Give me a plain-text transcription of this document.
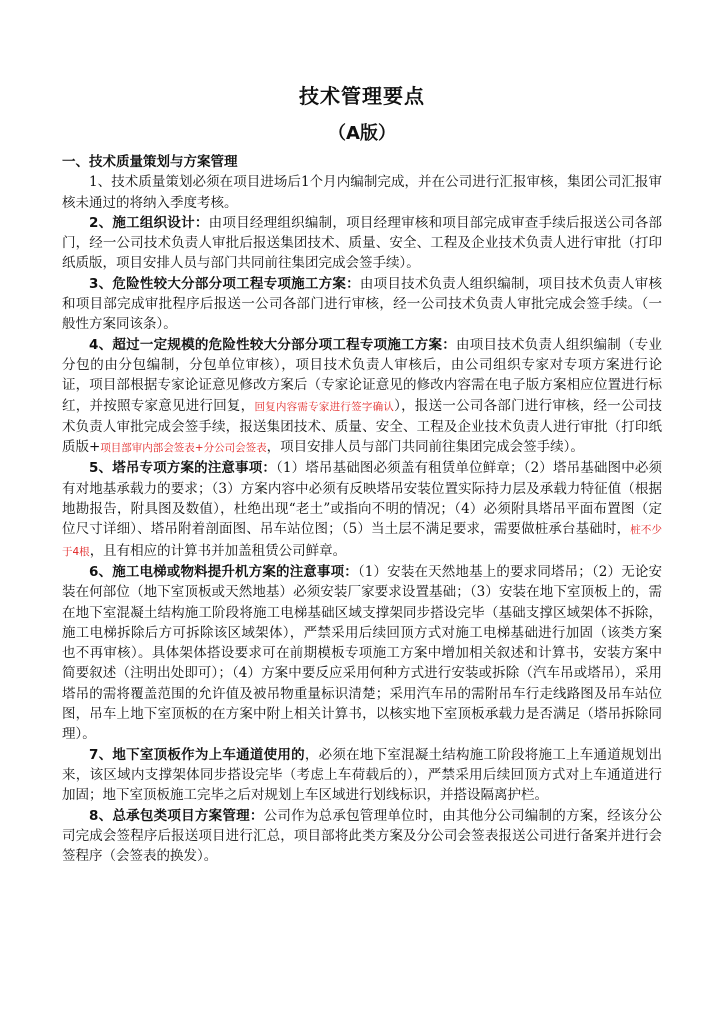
技术管理要点
（A版）

一、技术质量策划与方案管理

1、技术质量策划必须在项目进场后1个月内编制完成，并在公司进行汇报审核，集团公司汇报审核未通过的将纳入季度考核。

2、施工组织设计：由项目经理组织编制，项目经理审核和项目部完成审查手续后报送公司各部门，经一公司技术负责人审批后报送集团技术、质量、安全、工程及企业技术负责人进行审批（打印纸质版，项目安排人员与部门共同前往集团完成会签手续）。

3、危险性较大分部分项工程专项施工方案：由项目技术负责人组织编制，项目技术负责人审核和项目部完成审批程序后报送一公司各部门进行审核，经一公司技术负责人审批完成会签手续。（一般性方案同该条）。

4、超过一定规模的危险性较大分部分项工程专项施工方案：由项目技术负责人组织编制（专业分包的由分包编制，分包单位审核），项目技术负责人审核后，由公司组织专家对专项方案进行论证，项目部根据专家论证意见修改方案后（专家论证意见的修改内容需在电子版方案相应位置进行标红，并按照专家意见进行回复，回复内容需专家进行签字确认），报送一公司各部门进行审核，经一公司技术负责人审批完成会签手续，报送集团技术、质量、安全、工程及企业技术负责人进行审批（打印纸质版+项目部审内部会签表+分公司会签表，项目安排人员与部门共同前往集团完成会签手续）。

5、塔吊专项方案的注意事项：（1）塔吊基础图必须盖有租赁单位鲜章；（2）塔吊基础图中必须有对地基承载力的要求；（3）方案内容中必须有反映塔吊安装位置实际持力层及承载力特征值（根据地勘报告，附具图及数值），杜绝出现“老土”或指向不明的情况；（4）必须附具塔吊平面布置图（定位尺寸详细）、塔吊附着剖面图、吊车站位图；（5）当土层不满足要求，需要做桩承台基础时，桩不少于4根，且有相应的计算书并加盖租赁公司鲜章。

6、施工电梯或物料提升机方案的注意事项：（1）安装在天然地基上的要求同塔吊；（2）无论安装在何部位（地下室顶板或天然地基）必须安装厂家要求设置基础；（3）安装在地下室顶板上的，需在地下室混凝土结构施工阶段将施工电梯基础区域支撑架同步搭设完毕（基础支撑区域架体不拆除，施工电梯拆除后方可拆除该区域架体），严禁采用后续回顶方式对施工电梯基础进行加固（该类方案也不再审核）。具体架体搭设要求可在前期模板专项施工方案中增加相关叙述和计算书，安装方案中简要叙述（注明出处即可）；（4）方案中要反应采用何种方式进行安装或拆除（汽车吊或塔吊），采用塔吊的需将覆盖范围的允许值及被吊物重量标识清楚；采用汽车吊的需附吊车行走线路图及吊车站位图，吊车上地下室顶板的在方案中附上相关计算书，以核实地下室顶板承载力是否满足（塔吊拆除同理）。

7、地下室顶板作为上车通道使用的，必须在地下室混凝土结构施工阶段将施工上车通道规划出来，该区域内支撑架体同步搭设完毕（考虑上车荷载后的），严禁采用后续回顶方式对上车通道进行加固；地下室顶板施工完毕之后对规划上车区域进行划线标识，并搭设隔离护栏。

8、总承包类项目方案管理：公司作为总承包管理单位时，由其他分公司编制的方案，经该分公司完成会签程序后报送项目进行汇总，项目部将此类方案及分公司会签表报送公司进行备案并进行会签程序（会签表的换发）。
